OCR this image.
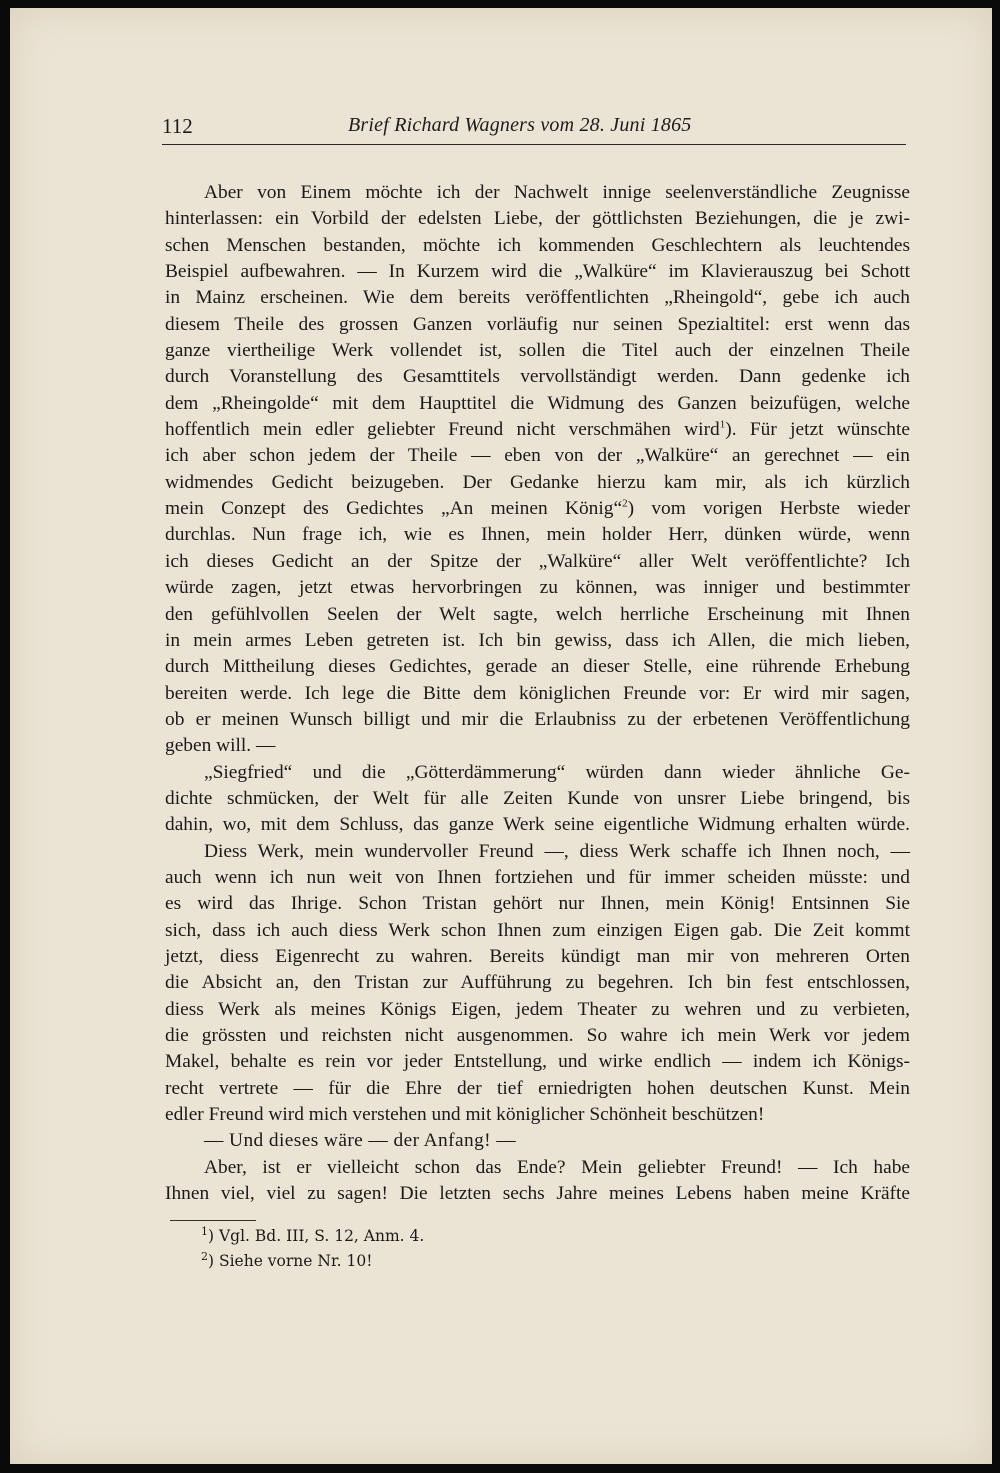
112	Brief Richard Wagners vom 28. Juni 1865
Aber von Einem möchte ich der Nachwelt innige seelenverständliche Zeugnisse
hinterlassen: ein Vorbild der edelsten Liebe, der göttlichsten Beziehungen, die je zwi-
schen Menschen bestanden, möchte ich kommenden Geschlechtern als leuchtendes
Beispiel aufbewahren. — In Kurzem wird die „Walküre“ im Klavierauszug bei Schott
in Mainz erscheinen. Wie dem bereits veröffentlichten „Rheingold“, gebe ich auch
diesem Theile des grossen Ganzen vorläufig nur seinen Spezialtitel: erst wenn das
ganze viertheilige Werk vollendet ist, sollen die Titel auch der einzelnen Theile
durch Voranstellung des Gesamttitels vervollständigt werden. Dann gedenke ich
dem „Rheingolde“ mit dem Haupttitel die Widmung des Ganzen beizufügen, welche
hoffentlich mein edler geliebter Freund nicht verschmähen wird$^1$). Für jetzt wünschte
ich aber schon jedem der Theile — eben von der „Walküre“ an gerechnet — ein
widmendes Gedicht beizugeben. Der Gedanke hierzu kam mir, als ich kürzlich
mein Conzept des Gedichtes „An meinen König“$^2$) vom vorigen Herbste wieder
durchlas. Nun frage ich, wie es Ihnen, mein holder Herr, dünken würde, wenn
ich dieses Gedicht an der Spitze der „Walküre“ aller Welt veröffentlichte? Ich
würde zagen, jetzt etwas hervorbringen zu können, was inniger und bestimmter
den gefühlvollen Seelen der Welt sagte, welch herrliche Erscheinung mit Ihnen
in mein armes Leben getreten ist. Ich bin gewiss, dass ich Allen, die mich lieben,
durch Mittheilung dieses Gedichtes, gerade an dieser Stelle, eine rührende Erhebung
bereiten werde. Ich lege die Bitte dem königlichen Freunde vor: Er wird mir sagen,
ob er meinen Wunsch billigt und mir die Erlaubniss zu der erbetenen Veröffentlichung
geben will. —
„Siegfried“ und die „Götterdämmerung“ würden dann wieder ähnliche Ge-
dichte schmücken, der Welt für alle Zeiten Kunde von unsrer Liebe bringend, bis
dahin, wo, mit dem Schluss, das ganze Werk seine eigentliche Widmung erhalten würde.
Diess Werk, mein wundervoller Freund —, diess Werk schaffe ich Ihnen noch, —
auch wenn ich nun weit von Ihnen fortziehen und für immer scheiden müsste: und
es wird das Ihrige. Schon Tristan gehört nur Ihnen, mein König! Entsinnen Sie
sich, dass ich auch diess Werk schon Ihnen zum einzigen Eigen gab. Die Zeit kommt
jetzt, diess Eigenrecht zu wahren. Bereits kündigt man mir von mehreren Orten
die Absicht an, den Tristan zur Aufführung zu begehren. Ich bin fest entschlossen,
diess Werk als meines Königs Eigen, jedem Theater zu wehren und zu verbieten,
die grössten und reichsten nicht ausgenommen. So wahre ich mein Werk vor jedem
Makel, behalte es rein vor jeder Entstellung, und wirke endlich — indem ich Königs-
recht vertrete — für die Ehre der tief erniedrigten hohen deutschen Kunst. Mein
edler Freund wird mich verstehen und mit königlicher Schönheit beschützen!
— Und dieses wäre — der Anfang! —
Aber, ist er vielleicht schon das Ende? Mein geliebter Freund! — Ich habe
Ihnen viel, viel zu sagen! Die letzten sechs Jahre meines Lebens haben meine Kräfte
$^1$) Vgl. Bd. III, S. 12, Anm. 4.
$^2$) Siehe vorne Nr. 10!
